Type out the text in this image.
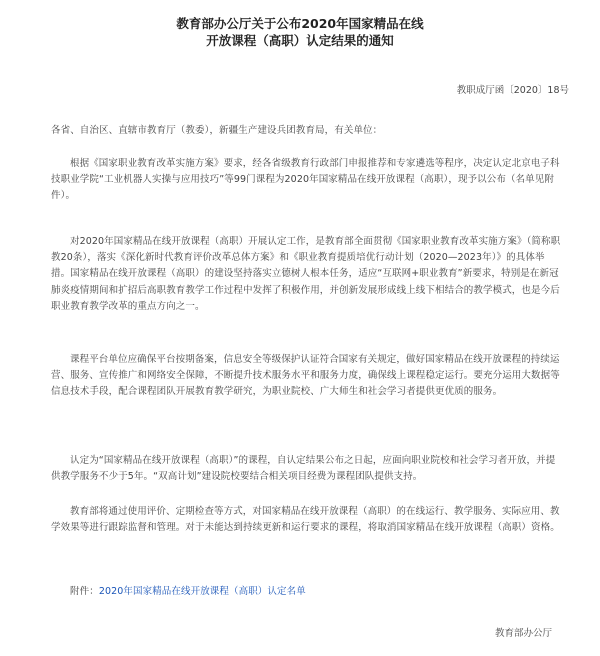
教育部办公厅关于公布2020年国家精品在线
开放课程（高职）认定结果的通知
教职成厅函〔2020〕18号

各省、自治区、直辖市教育厅（教委），新疆生产建设兵团教育局，有关单位：

根据《国家职业教育改革实施方案》要求，经各省级教育行政部门申报推荐和专家遴选等程序，决定认定北京电子科技职业学院“工业机器人实操与应用技巧”等99门课程为2020年国家精品在线开放课程（高职），现予以公布（名单见附件）。

对2020年国家精品在线开放课程（高职）开展认定工作，是教育部全面贯彻《国家职业教育改革实施方案》（简称职教20条），落实《深化新时代教育评价改革总体方案》和《职业教育提质培优行动计划（2020—2023年）》的具体举措。国家精品在线开放课程（高职）的建设坚持落实立德树人根本任务，适应“互联网+职业教育”新要求，特别是在新冠肺炎疫情期间和扩招后高职教育教学工作过程中发挥了积极作用，并创新发展形成线上线下相结合的教学模式，也是今后职业教育教学改革的重点方向之一。

课程平台单位应确保平台按期备案，信息安全等级保护认证符合国家有关规定，做好国家精品在线开放课程的持续运营、服务、宣传推广和网络安全保障，不断提升技术服务水平和服务力度，确保线上课程稳定运行。要充分运用大数据等信息技术手段，配合课程团队开展教育教学研究，为职业院校、广大师生和社会学习者提供更优质的服务。

认定为“国家精品在线开放课程（高职）”的课程，自认定结果公布之日起，应面向职业院校和社会学习者开放，并提供教学服务不少于5年。“双高计划”建设院校要结合相关项目经费为课程团队提供支持。

教育部将通过使用评价、定期检查等方式，对国家精品在线开放课程（高职）的在线运行、教学服务、实际应用、教学效果等进行跟踪监督和管理。对于未能达到持续更新和运行要求的课程，将取消国家精品在线开放课程（高职）资格。

附件：2020年国家精品在线开放课程（高职）认定名单

教育部办公厅
